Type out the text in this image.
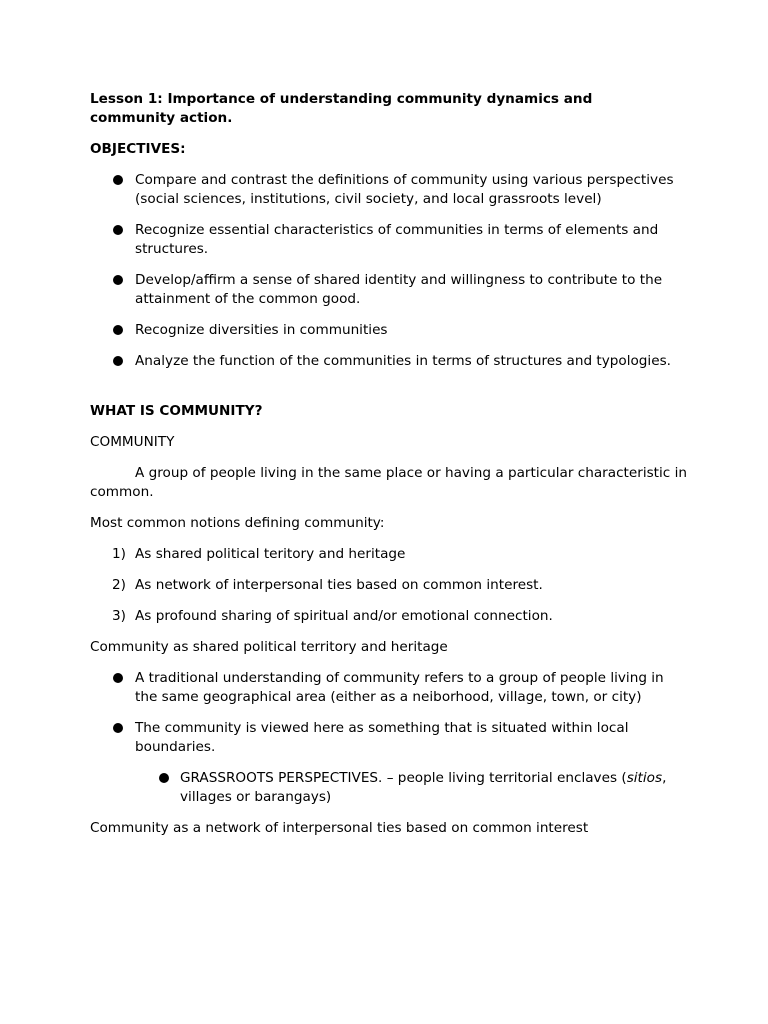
Lesson 1: Importance of understanding community dynamics and
community action.

OBJECTIVES:

Compare and contrast the definitions of community using various perspectives (social sciences, institutions, civil society, and local grassroots level)
Recognize essential characteristics of communities in terms of elements and structures.
Develop/affirm a sense of shared identity and willingness to contribute to the attainment of the common good.
Recognize diversities in communities
Analyze the function of the communities in terms of structures and typologies.

WHAT IS COMMUNITY?

COMMUNITY

A group of people living in the same place or having a particular characteristic in common.

Most common notions defining community:

1) As shared political teritory and heritage
2) As network of interpersonal ties based on common interest.
3) As profound sharing of spiritual and/or emotional connection.

Community as shared political territory and heritage

A traditional understanding of community refers to a group of people living in the same geographical area (either as a neiborhood, village, town, or city)
The community is viewed here as something that is situated within local boundaries.
GRASSROOTS PERSPECTIVES. – people living territorial enclaves (sitios, villages or barangays)

Community as a network of interpersonal ties based on common interest
